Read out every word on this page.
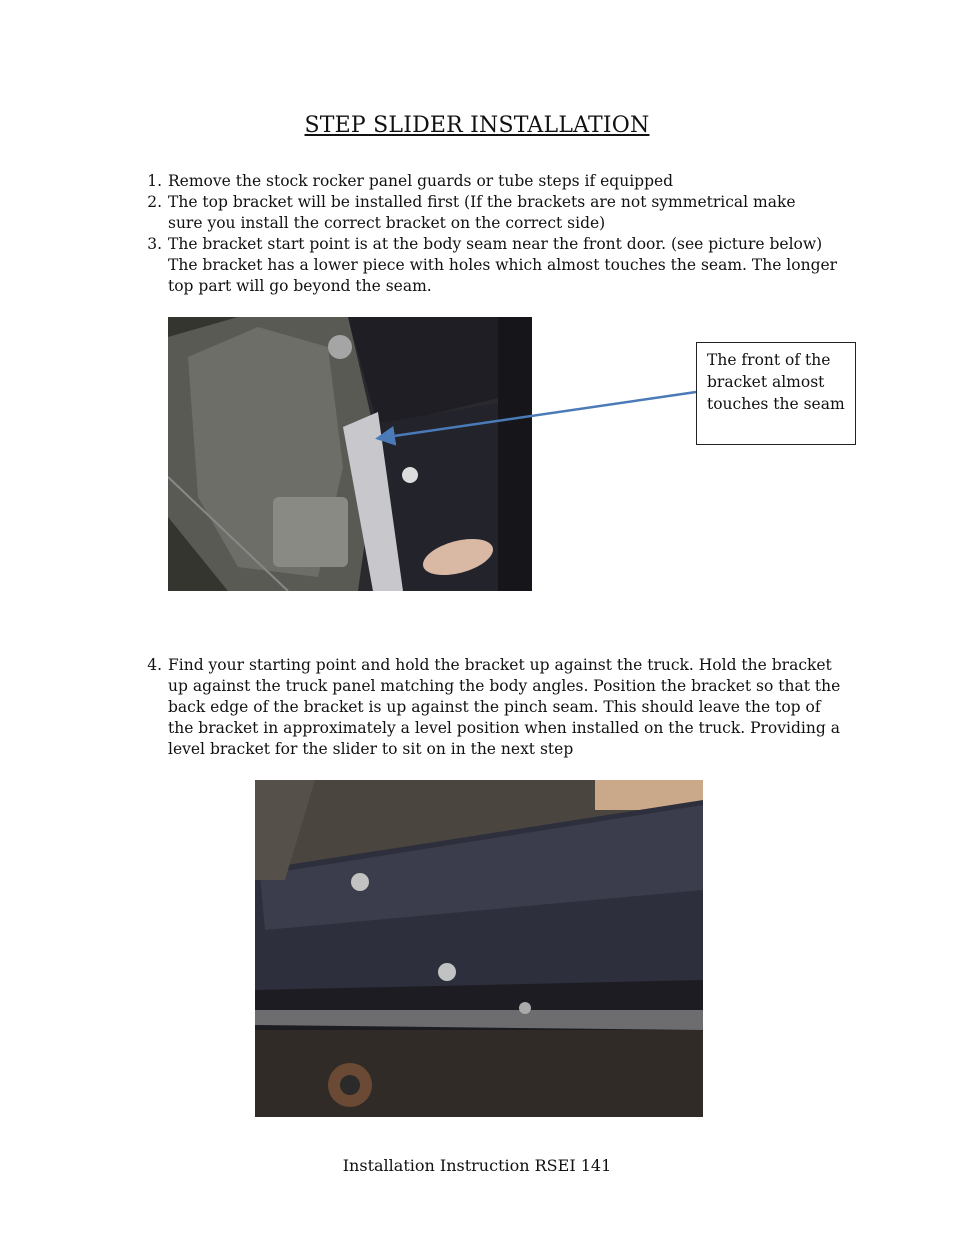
STEP SLIDER INSTALLATION
1. Remove the stock rocker panel guards or tube steps if equipped
2. The top bracket will be installed first (If the brackets are not symmetrical make sure you install the correct bracket on the correct side)
3. The bracket start point is at the body seam near the front door. (see picture below) The bracket has a lower piece with holes which almost touches the seam. The longer top part will go beyond the seam.
The front of the bracket almost touches the seam
4. Find your starting point and hold the bracket up against the truck. Hold the bracket up against the truck panel matching the body angles. Position the bracket so that the back edge of the bracket is up against the pinch seam. This should leave the top of the bracket in approximately a level position when installed on the truck. Providing a level bracket for the slider to sit on in the next step
Installation Instruction RSEI 141
